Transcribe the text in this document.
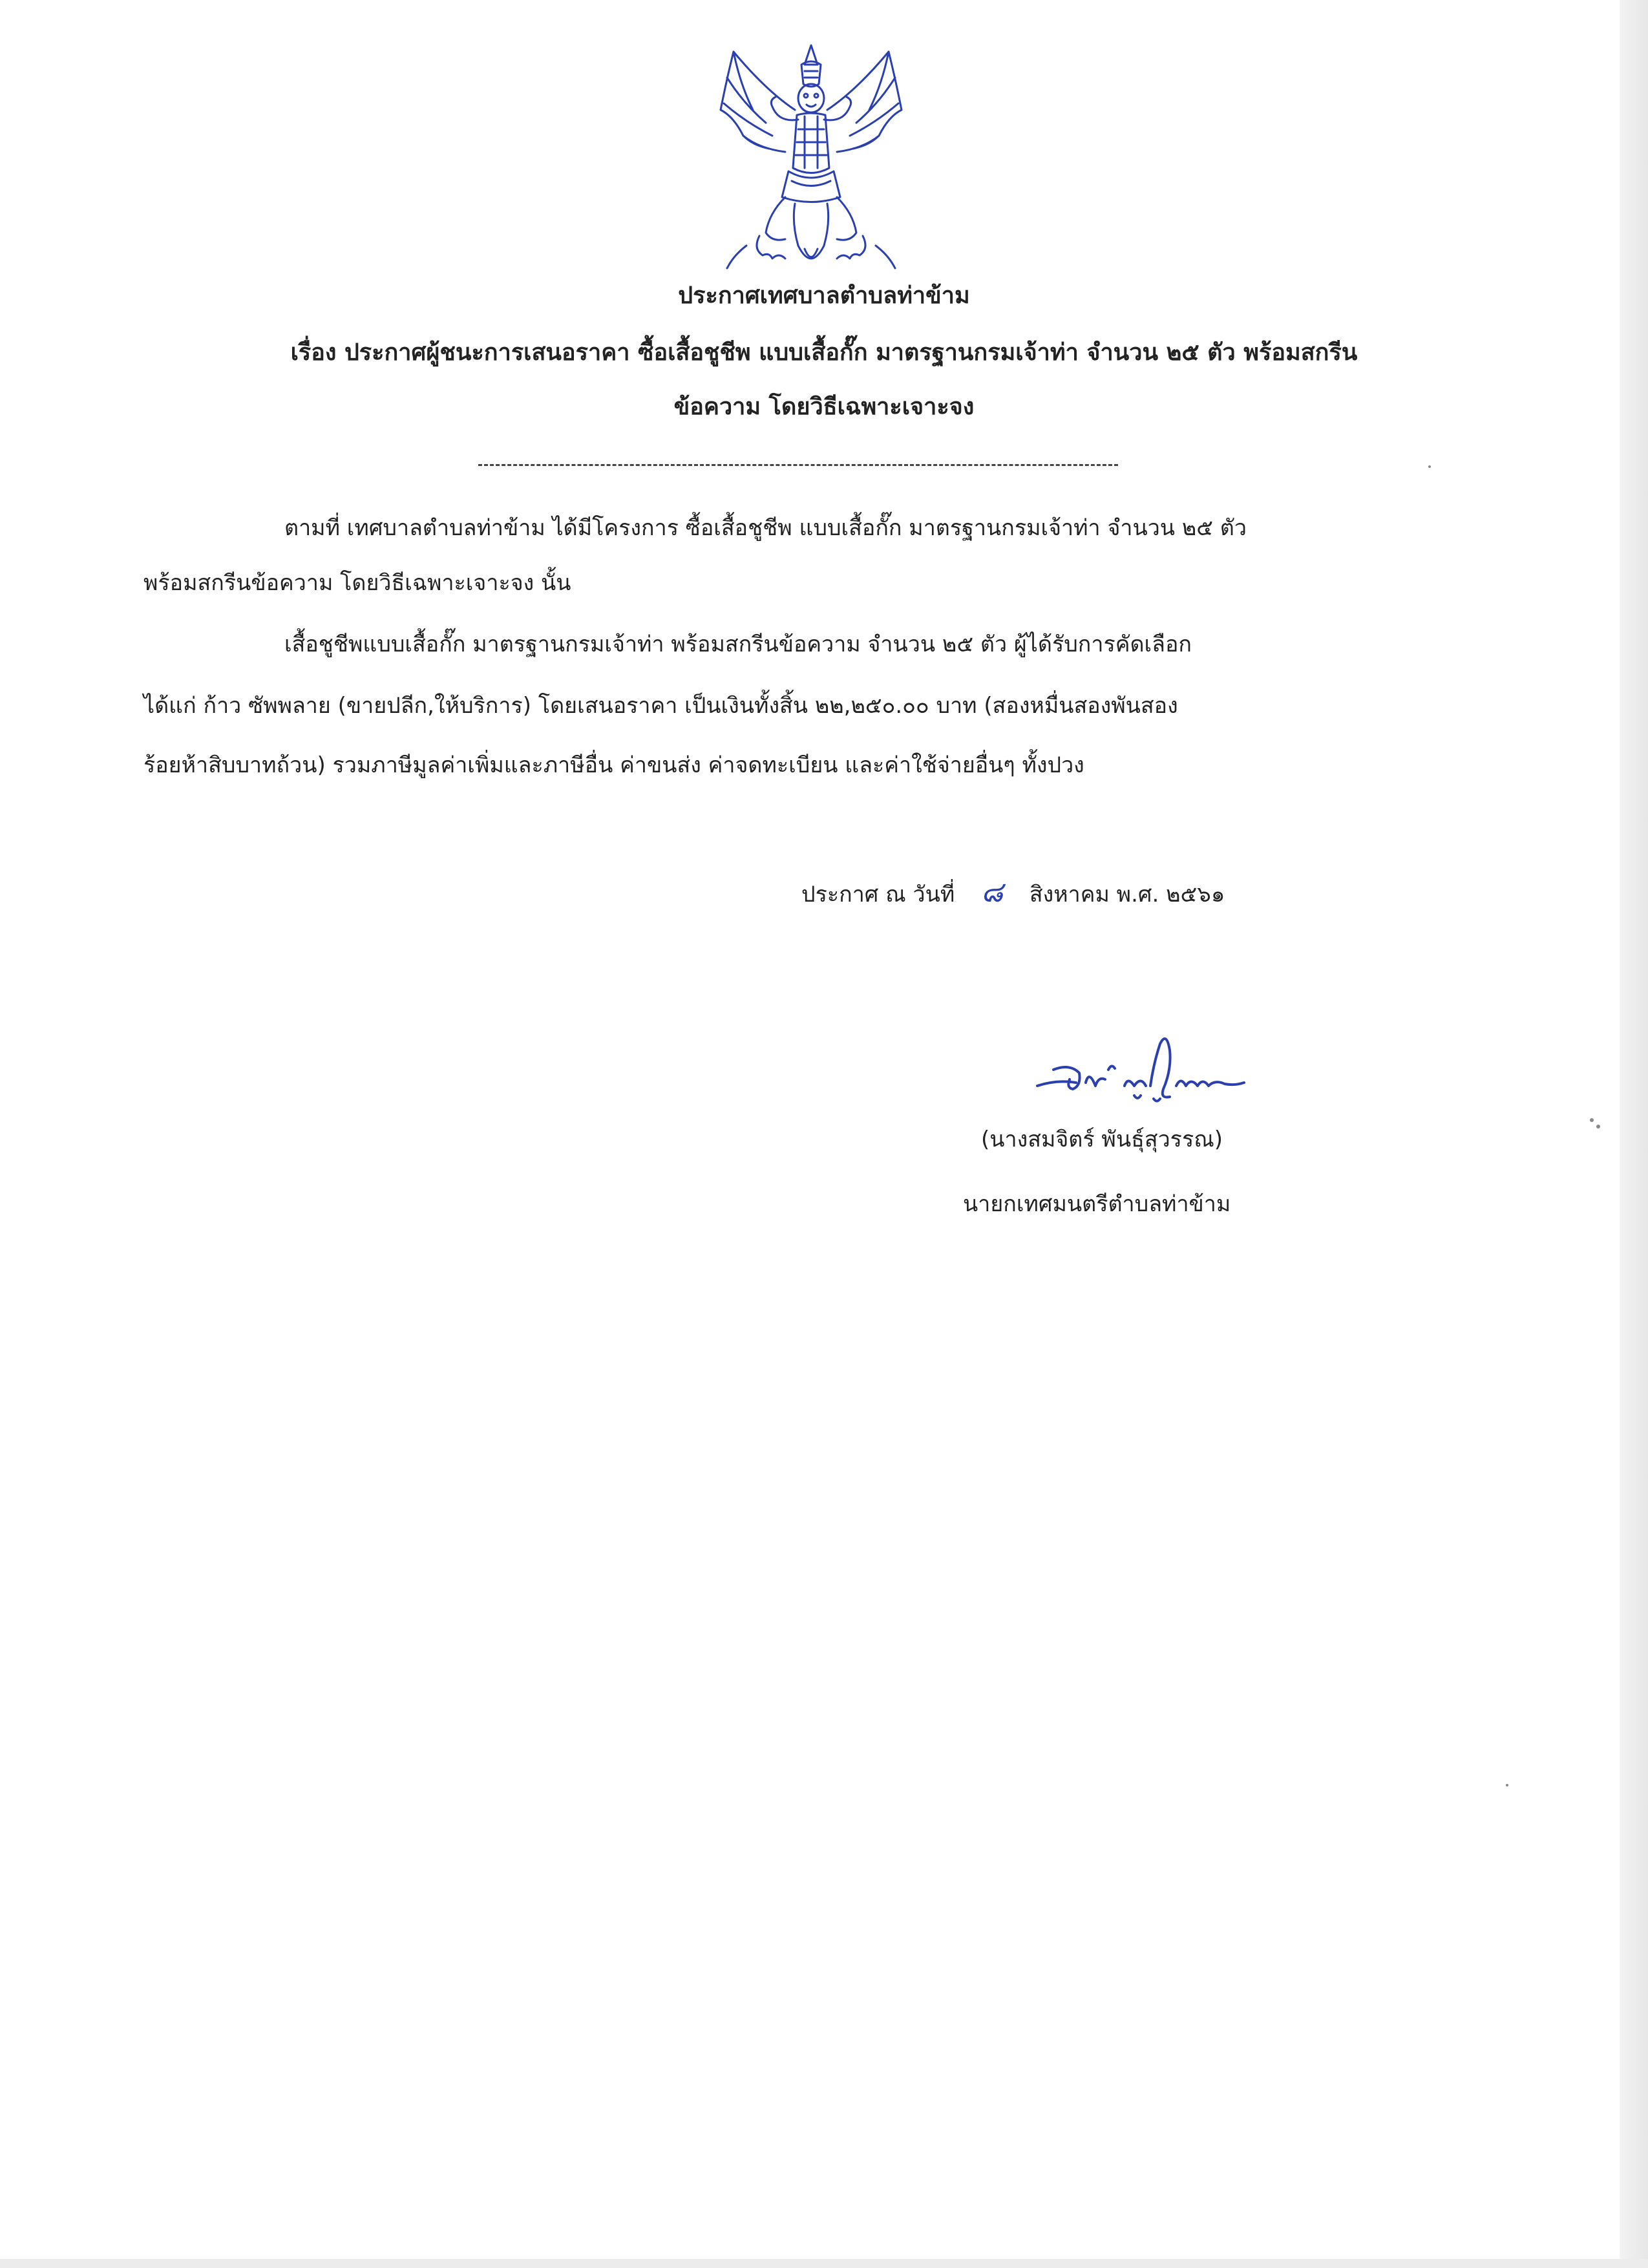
ประกาศเทศบาลตำบลท่าข้าม
เรื่อง ประกาศผู้ชนะการเสนอราคา ซื้อเสื้อชูชีพ แบบเสื้อกั๊ก มาตรฐานกรมเจ้าท่า จำนวน ๒๕ ตัว พร้อมสกรีน
ข้อความ โดยวิธีเฉพาะเจาะจง
ตามที่ เทศบาลตำบลท่าข้าม ได้มีโครงการ ซื้อเสื้อชูชีพ แบบเสื้อกั๊ก มาตรฐานกรมเจ้าท่า จำนวน ๒๕ ตัว
พร้อมสกรีนข้อความ โดยวิธีเฉพาะเจาะจง นั้น
เสื้อชูชีพแบบเสื้อกั๊ก มาตรฐานกรมเจ้าท่า พร้อมสกรีนข้อความ จำนวน ๒๕ ตัว ผู้ได้รับการคัดเลือก
ได้แก่ ก้าว ซัพพลาย (ขายปลีก,ให้บริการ) โดยเสนอราคา เป็นเงินทั้งสิ้น ๒๒,๒๕๐.๐๐ บาท (สองหมื่นสองพันสอง
ร้อยห้าสิบบาทถ้วน) รวมภาษีมูลค่าเพิ่มและภาษีอื่น ค่าขนส่ง ค่าจดทะเบียน และค่าใช้จ่ายอื่นๆ ทั้งปวง
ประกาศ ณ วันที่ ๘ สิงหาคม พ.ศ. ๒๕๖๑
(นางสมจิตร์ พันธุ์สุวรรณ)
นายกเทศมนตรีตำบลท่าข้าม
